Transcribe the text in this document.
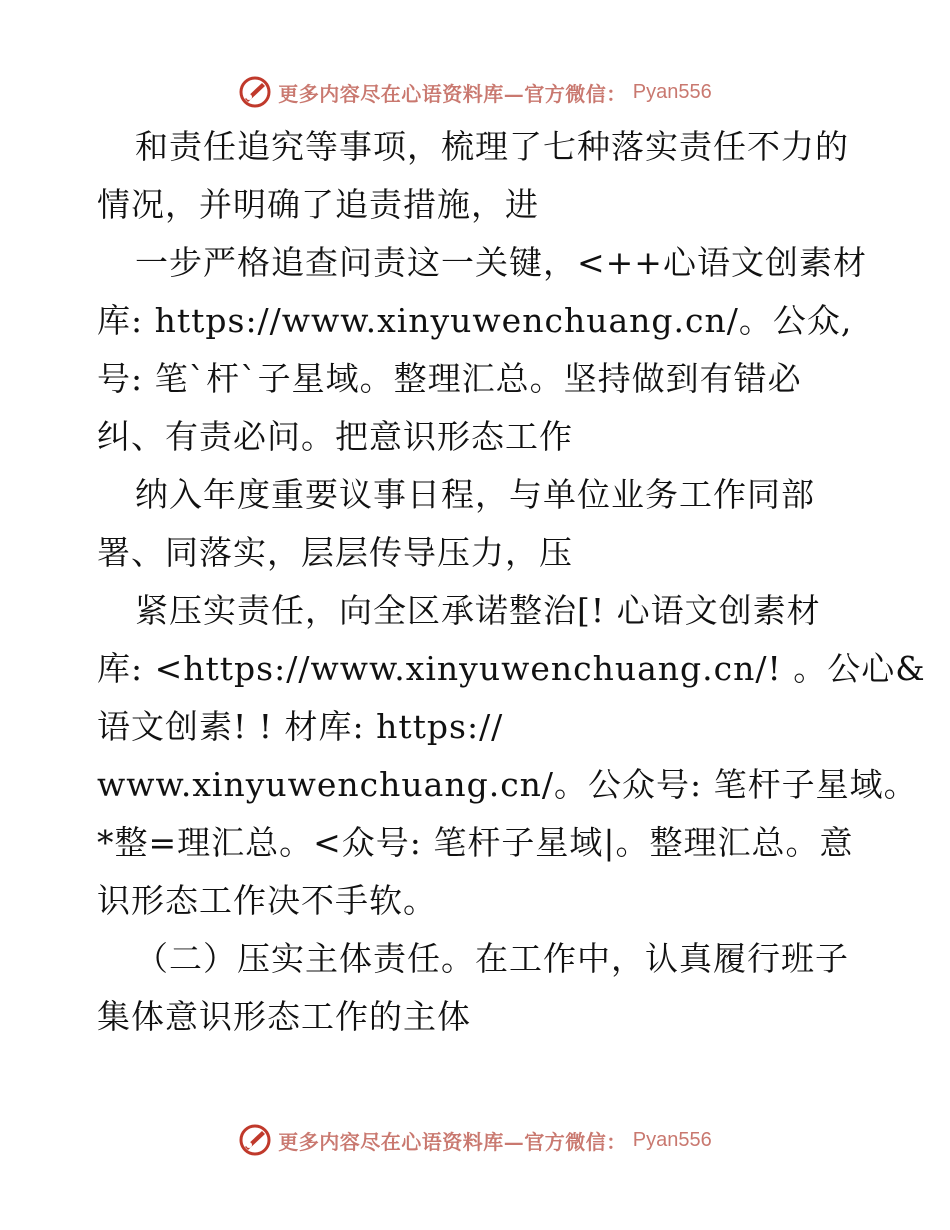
更多内容尽在心语资料库—官方微信： Pyan556
和责任追究等事项，梳理了七种落实责任不力的
情况，并明确了追责措施，进
一步严格追查问责这一关键，<++心语文创素材
库: https://www.xinyuwenchuang.cn/。公众,
号: 笔`杆`子星域。整理汇总。坚持做到有错必
纠、有责必问。把意识形态工作
纳入年度重要议事日程，与单位业务工作同部
署、同落实，层层传导压力，压
紧压实责任，向全区承诺整治[! 心语文创素材
库: <https://www.xinyuwenchuang.cn/! 。公心&
语文创素! ! 材库: https://
www.xinyuwenchuang.cn/。公众号: 笔杆子星域。
*整=理汇总。<众号: 笔杆子星域|。整理汇总。意
识形态工作决不手软。
（二）压实主体责任。在工作中，认真履行班子
集体意识形态工作的主体
更多内容尽在心语资料库—官方微信： Pyan556
